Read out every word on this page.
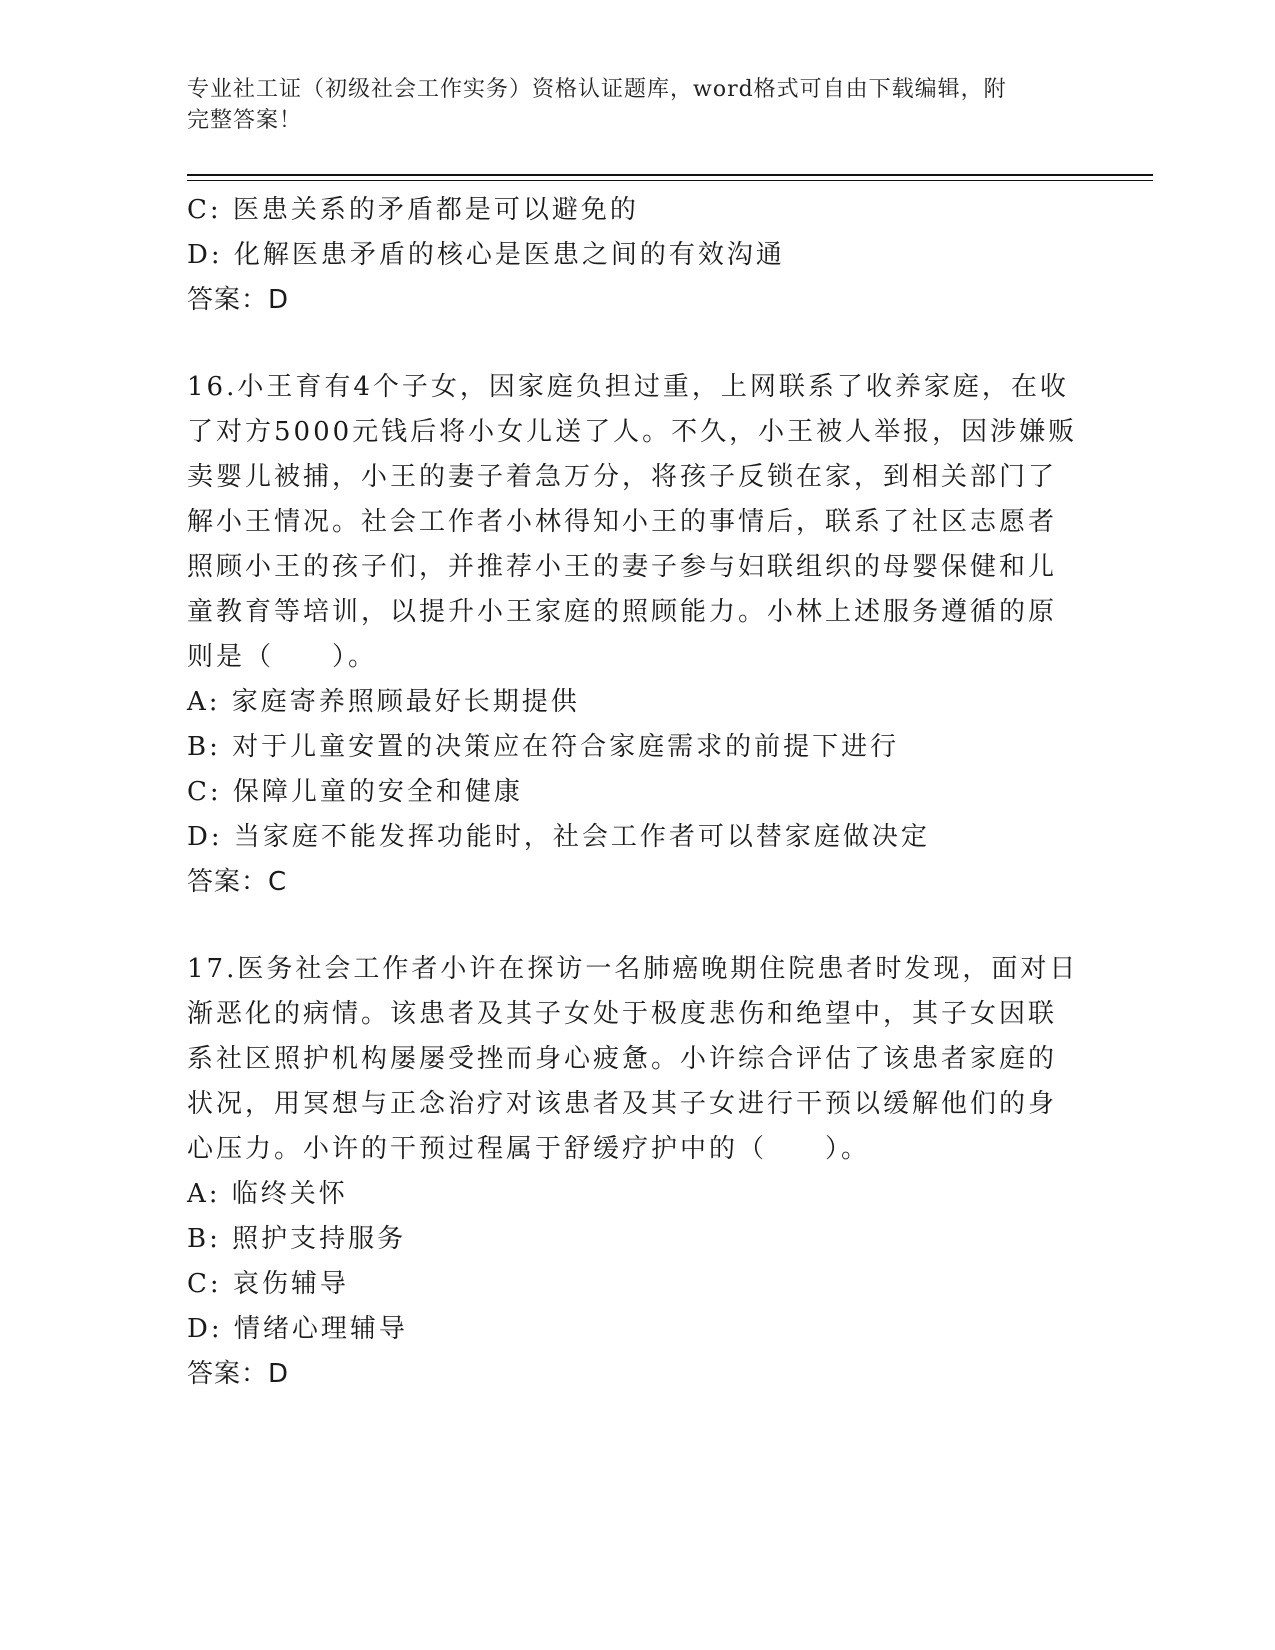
专业社工证（初级社会工作实务）资格认证题库，word格式可自由下载编辑，附
完整答案！

C: 医患关系的矛盾都是可以避免的

D: 化解医患矛盾的核心是医患之间的有效沟通

答案：D

16.小王育有4个子女，因家庭负担过重，上网联系了收养家庭，在收

了对方5000元钱后将小女儿送了人。不久，小王被人举报，因涉嫌贩

卖婴儿被捕，小王的妻子着急万分，将孩子反锁在家，到相关部门了

解小王情况。社会工作者小林得知小王的事情后，联系了社区志愿者

照顾小王的孩子们，并推荐小王的妻子参与妇联组织的母婴保健和儿

童教育等培训，以提升小王家庭的照顾能力。小林上述服务遵循的原

则是（　　）。

A: 家庭寄养照顾最好长期提供

B: 对于儿童安置的决策应在符合家庭需求的前提下进行

C: 保障儿童的安全和健康

D: 当家庭不能发挥功能时，社会工作者可以替家庭做决定

答案：C

17.医务社会工作者小许在探访一名肺癌晚期住院患者时发现，面对日

渐恶化的病情。该患者及其子女处于极度悲伤和绝望中，其子女因联

系社区照护机构屡屡受挫而身心疲惫。小许综合评估了该患者家庭的

状况，用冥想与正念治疗对该患者及其子女进行干预以缓解他们的身

心压力。小许的干预过程属于舒缓疗护中的（　　）。

A: 临终关怀

B: 照护支持服务

C: 哀伤辅导

D: 情绪心理辅导

答案：D
